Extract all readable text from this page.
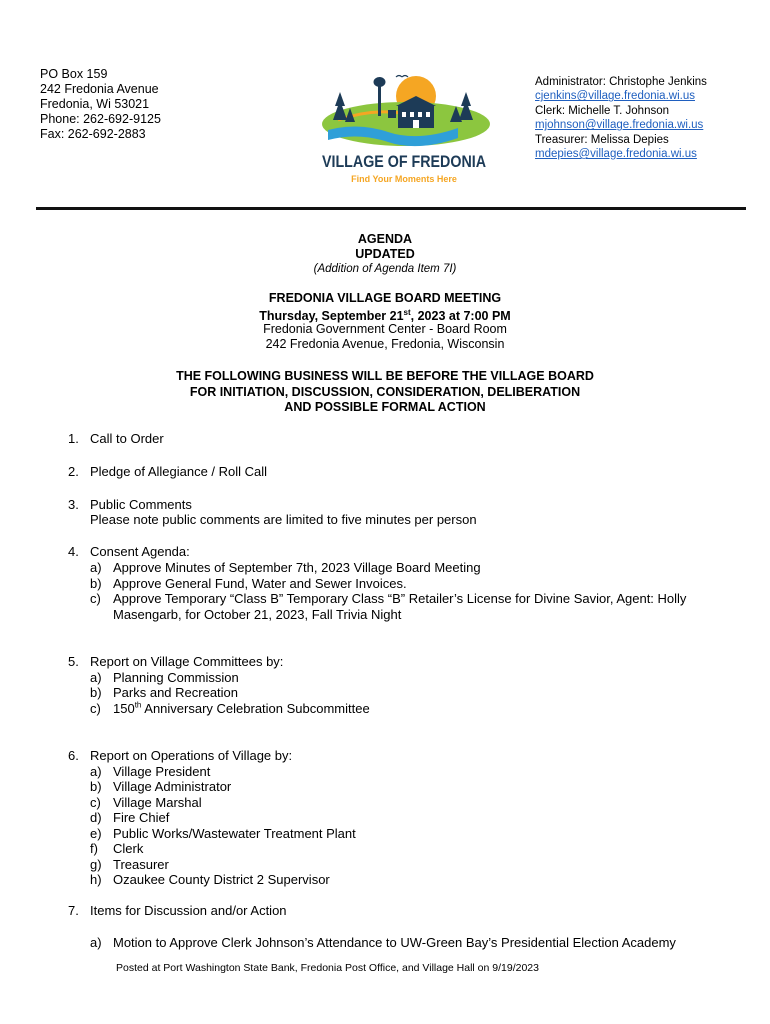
PO Box 159
242 Fredonia Avenue
Fredonia, Wi 53021
Phone: 262-692-9125
Fax: 262-692-2883
VILLAGE OF FREDONIA
Find Your Moments Here
Administrator: Christophe Jenkins
cjenkins@village.fredonia.wi.us
Clerk: Michelle T. Johnson
mjohnson@village.fredonia.wi.us
Treasurer: Melissa Depies
mdepies@village.fredonia.wi.us
AGENDA
UPDATED
(Addition of Agenda Item 7I)
FREDONIA VILLAGE BOARD MEETING
Thursday, September 21st, 2023 at 7:00 PM
Fredonia Government Center - Board Room
242 Fredonia Avenue, Fredonia, Wisconsin
THE FOLLOWING BUSINESS WILL BE BEFORE THE VILLAGE BOARD
FOR INITIATION, DISCUSSION, CONSIDERATION, DELIBERATION
AND POSSIBLE FORMAL ACTION
1. Call to Order
2. Pledge of Allegiance / Roll Call
3. Public Comments
Please note public comments are limited to five minutes per person
4. Consent Agenda:
a) Approve Minutes of September 7th, 2023 Village Board Meeting
b) Approve General Fund, Water and Sewer Invoices.
c) Approve Temporary “Class B” Temporary Class “B” Retailer’s License for Divine Savior, Agent: Holly
Masengarb, for October 21, 2023, Fall Trivia Night
5. Report on Village Committees by:
a) Planning Commission
b) Parks and Recreation
c) 150th Anniversary Celebration Subcommittee
6. Report on Operations of Village by:
a) Village President
b) Village Administrator
c) Village Marshal
d) Fire Chief
e) Public Works/Wastewater Treatment Plant
f) Clerk
g) Treasurer
h) Ozaukee County District 2 Supervisor
7. Items for Discussion and/or Action
a) Motion to Approve Clerk Johnson’s Attendance to UW-Green Bay’s Presidential Election Academy
Posted at Port Washington State Bank, Fredonia Post Office, and Village Hall on 9/19/2023
